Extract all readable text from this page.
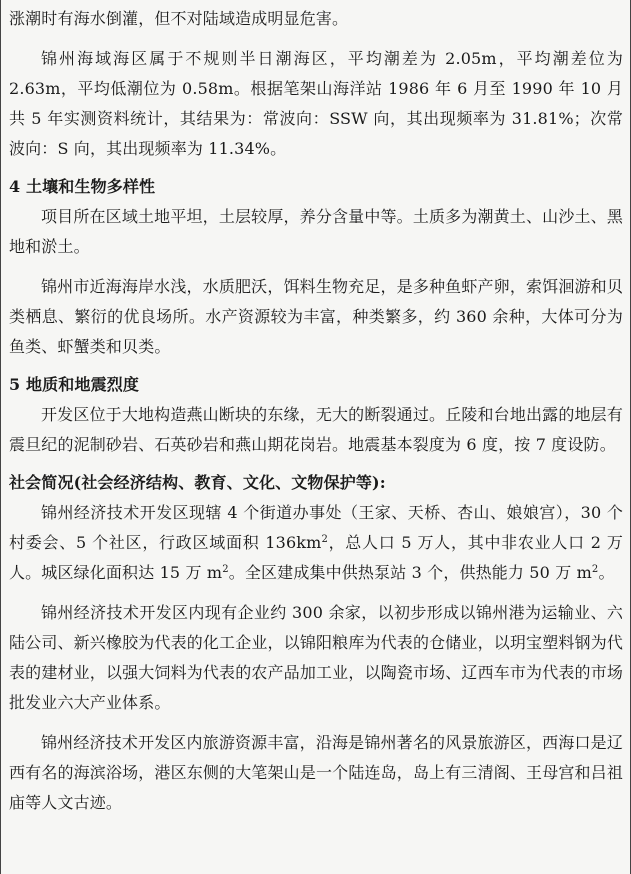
涨潮时有海水倒灌，但不对陆域造成明显危害。

锦州海域海区属于不规则半日潮海区，平均潮差为 2.05m，平均潮差位为 2.63m，平均低潮位为 0.58m。根据笔架山海洋站 1986 年 6 月至 1990 年 10 月共 5 年实测资料统计，其结果为：常波向：SSW 向，其出现频率为 31.81%；次常波向：S 向，其出现频率为 11.34%。

4 土壤和生物多样性

项目所在区域土地平坦，土层较厚，养分含量中等。土质多为潮黄土、山沙土、黑地和淤土。

锦州市近海海岸水浅，水质肥沃，饵料生物充足，是多种鱼虾产卵，索饵洄游和贝类栖息、繁衍的优良场所。水产资源较为丰富，种类繁多，约 360 余种，大体可分为鱼类、虾蟹类和贝类。

5 地质和地震烈度

开发区位于大地构造燕山断块的东缘，无大的断裂通过。丘陵和台地出露的地层有震旦纪的泥制砂岩、石英砂岩和燕山期花岗岩。地震基本裂度为 6 度，按 7 度设防。

社会简况(社会经济结构、教育、文化、文物保护等):

锦州经济技术开发区现辖 4 个街道办事处（王家、天桥、杏山、娘娘宫），30 个村委会、5 个社区，行政区域面积 $136km^2$，总人口 5 万人，其中非农业人口 2 万人。城区绿化面积达 15 万 $m^2$。全区建成集中供热泵站 3 个，供热能力 50 万 $m^2$。

锦州经济技术开发区内现有企业约 300 余家，以初步形成以锦州港为运输业、六陆公司、新兴橡胶为代表的化工企业，以锦阳粮库为代表的仓储业，以玥宝塑料钢为代表的建材业，以强大饲料为代表的农产品加工业，以陶瓷市场、辽西车市为代表的市场批发业六大产业体系。

锦州经济技术开发区内旅游资源丰富，沿海是锦州著名的风景旅游区，西海口是辽西有名的海滨浴场，港区东侧的大笔架山是一个陆连岛，岛上有三清阁、王母宫和吕祖庙等人文古迹。
